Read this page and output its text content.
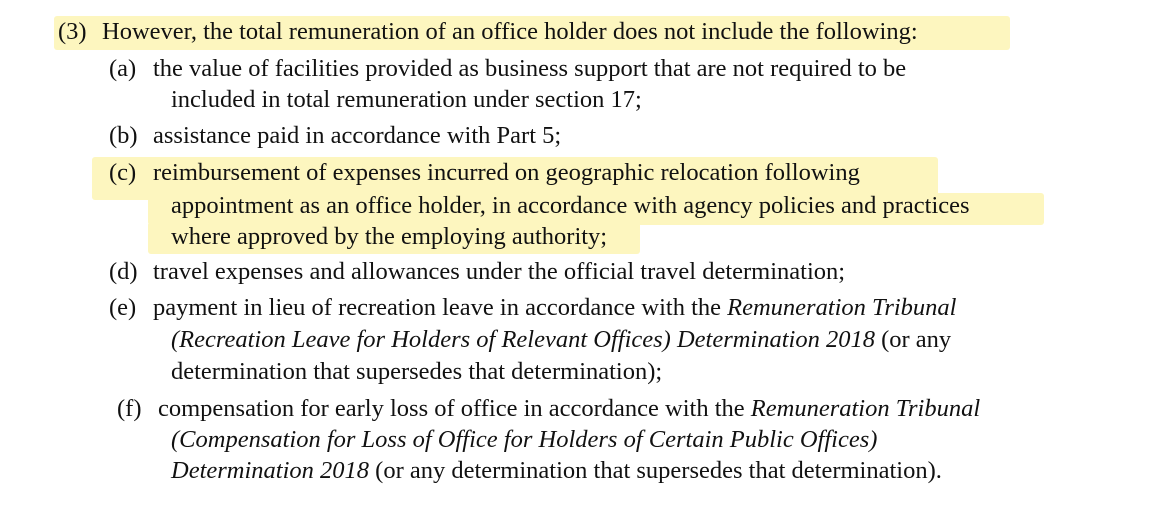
(3) However, the total remuneration of an office holder does not include the following:
(a) the value of facilities provided as business support that are not required to be
included in total remuneration under section 17;
(b) assistance paid in accordance with Part 5;
(c) reimbursement of expenses incurred on geographic relocation following
appointment as an office holder, in accordance with agency policies and practices
where approved by the employing authority;
(d) travel expenses and allowances under the official travel determination;
(e) payment in lieu of recreation leave in accordance with the Remuneration Tribunal
(Recreation Leave for Holders of Relevant Offices) Determination 2018 (or any
determination that supersedes that determination);
(f) compensation for early loss of office in accordance with the Remuneration Tribunal
(Compensation for Loss of Office for Holders of Certain Public Offices)
Determination 2018 (or any determination that supersedes that determination).
